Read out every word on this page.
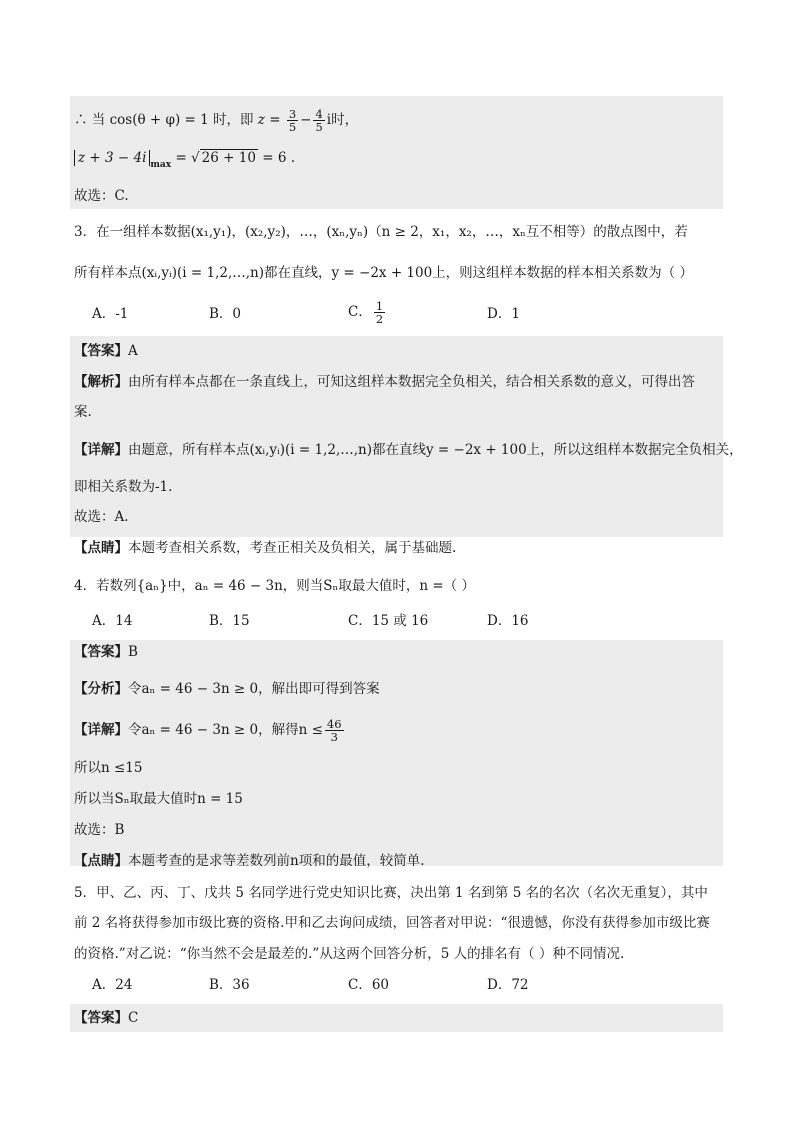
∴ 当 cos(θ + φ) = 1 时，即 $z = \frac{3}{5} - \frac{4}{5}$ i时，
z + 3 − 4i $_{max}$ = √ 26 + 10 = 6 .
故选：C.
3．在一组样本数据(x₁,y₁)，(x₂,y₂)，…，(xₙ,yₙ)（n ≥ 2，x₁，x₂，…，xₙ互不相等）的散点图中，若
所有样本点(xᵢ,yᵢ)(i = 1,2,…,n)都在直线，y = −2x + 100上，则这组样本数据的样本相关系数为（ ）
A．-1	B．0	C． $\frac{1}{2}$	D．1
【答案】A
【解析】由所有样本点都在一条直线上，可知这组样本数据完全负相关，结合相关系数的意义，可得出答
案.
【详解】由题意，所有样本点(xᵢ,yᵢ)(i = 1,2,…,n)都在直线y = −2x + 100上，所以这组样本数据完全负相关，
即相关系数为-1.
故选：A.
【点睛】本题考查相关系数，考查正相关及负相关，属于基础题.
4．若数列{aₙ}中，aₙ = 46 − 3n，则当Sₙ取最大值时，n =（ ）
A．14	B．15	C．15 或 16	D．16
【答案】B
【分析】令aₙ = 46 − 3n ≥ 0，解出即可得到答案
【详解】令aₙ = 46 − 3n ≥ 0，解得$n \le \frac{46}{3}$
所以n ≤15
所以当Sₙ取最大值时n = 15
故选：B
【点睛】本题考查的是求等差数列前n项和的最值，较简单.
5．甲、乙、丙、丁、戊共 5 名同学进行党史知识比赛，决出第 1 名到第 5 名的名次（名次无重复），其中
前 2 名将获得参加市级比赛的资格.甲和乙去询问成绩，回答者对甲说：“很遗憾，你没有获得参加市级比赛
的资格.”对乙说：“你当然不会是最差的.”从这两个回答分析，5 人的排名有（ ）种不同情况.
A．24	B．36	C．60	D．72
【答案】C
